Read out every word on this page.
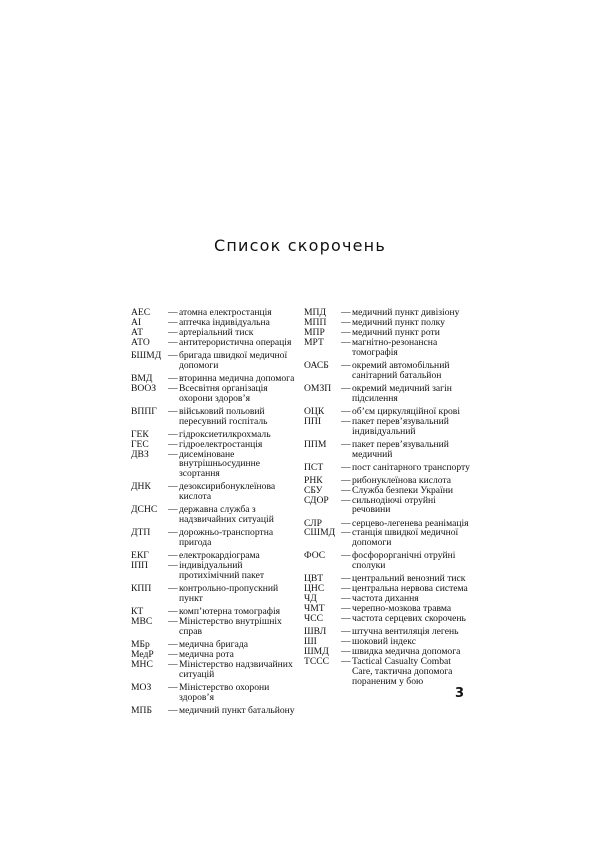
Список скорочень
АЕС	— атомна електростанція
АІ	— аптечка індивідуальна
АТ	— артеріальний тиск
АТО	— антитерористична операція
БШМД — бригада швидкої медичної допомоги
ВМД	— вторинна медична допомога
ВООЗ	— Всесвітня організація охорони здоров’я
ВППГ	— військовий польовий пересувний госпіталь
ГЕК	— гідроксиетилкрохмаль
ГЕС	— гідроелектростанція
ДВЗ	— дисеміноване внутрішньосудинне зсортання
ДНК	— дезоксирибонуклеїнова кислота
ДСНС	— державна служба з надзвичайних ситуацій
ДТП	— дорожньо-транспортна пригода
ЕКГ	— електрокардіограма
ІПП	— індивідуальний протихімічний пакет
КПП	— контрольно-пропускний пункт
КТ	— комп’ютерна томографія
МВС	— Міністерство внутрішніх справ
МБр	— медична бригада
МедР	— медична рота
МНС	— Міністерство надзвичайних ситуацій
МОЗ	— Міністерство охорони здоров’я
МПБ	— медичний пункт батальйону
МПД	— медичний пункт дивізіону
МПП	— медичний пункт полку
МПР	— медичний пункт роти
МРТ	— магнітно-резонансна томографія
ОАСБ	— окремий автомобільний санітарний батальйон
ОМЗП	— окремий медичний загін підсилення
ОЦК	— об’єм циркуляційної крові
ППІ	— пакет перев’язувальний індивідуальний
ППМ	— пакет перев’язувальний медичний
ПСТ	— пост санітарного транспорту
РНК	— рибонуклеїнова кислота
СБУ	— Служба безпеки України
СДОР	— сильнодіючі отруйні речовини
СЛР	— серцево-легенева реанімація
СШМД — станція швидкої медичної допомоги
ФОС	— фосфорорганічні отруйні сполуки
ЦВТ	— центральний венозний тиск
ЦНС	— центральна нервова система
ЧД	— частота дихання
ЧМТ	— черепно-мозкова травма
ЧСС	— частота серцевих скорочень
ШВЛ	— штучна вентиляція легень
ШІ	— шоковий індекс
ШМД	— швидка медична допомога
TCCC	— Tactical Casualty Combat Care, тактична допомога пораненим у бою
3
